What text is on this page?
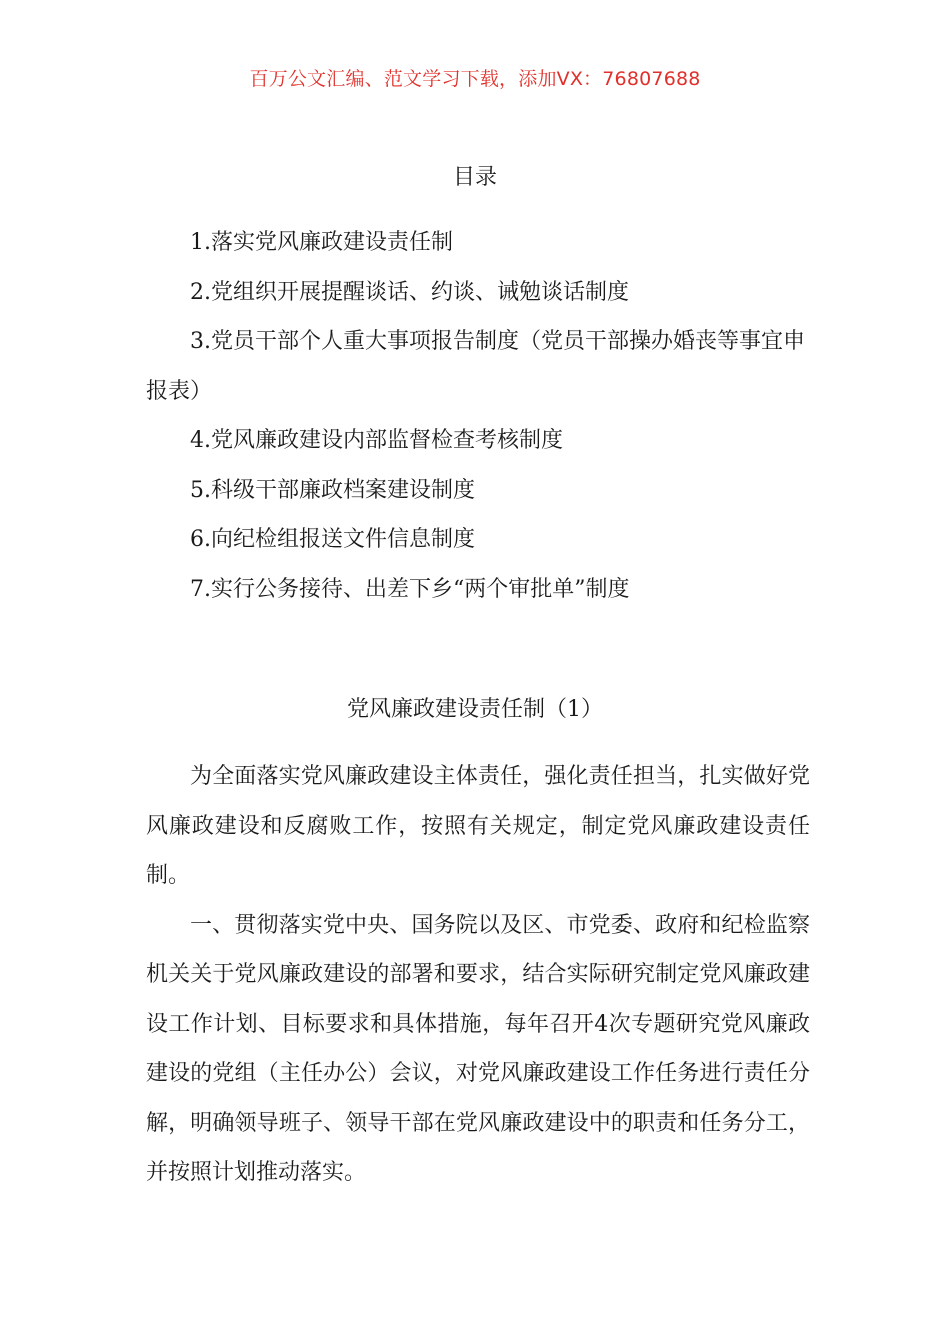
百万公文汇编、范文学习下载，添加VX：76807688
目录
1.落实党风廉政建设责任制
2.党组织开展提醒谈话、约谈、诫勉谈话制度
3.党员干部个人重大事项报告制度（党员干部操办婚丧等事宜申报表）
4.党风廉政建设内部监督检查考核制度
5.科级干部廉政档案建设制度
6.向纪检组报送文件信息制度
7.实行公务接待、出差下乡“两个审批单”制度
党风廉政建设责任制（1）

为全面落实党风廉政建设主体责任，强化责任担当，扎实做好党风廉政建设和反腐败工作，按照有关规定，制定党风廉政建设责任制。

一、贯彻落实党中央、国务院以及区、市党委、政府和纪检监察机关关于党风廉政建设的部署和要求，结合实际研究制定党风廉政建设工作计划、目标要求和具体措施，每年召开4次专题研究党风廉政建设的党组（主任办公）会议，对党风廉政建设工作任务进行责任分解，明确领导班子、领导干部在党风廉政建设中的职责和任务分工，并按照计划推动落实。
